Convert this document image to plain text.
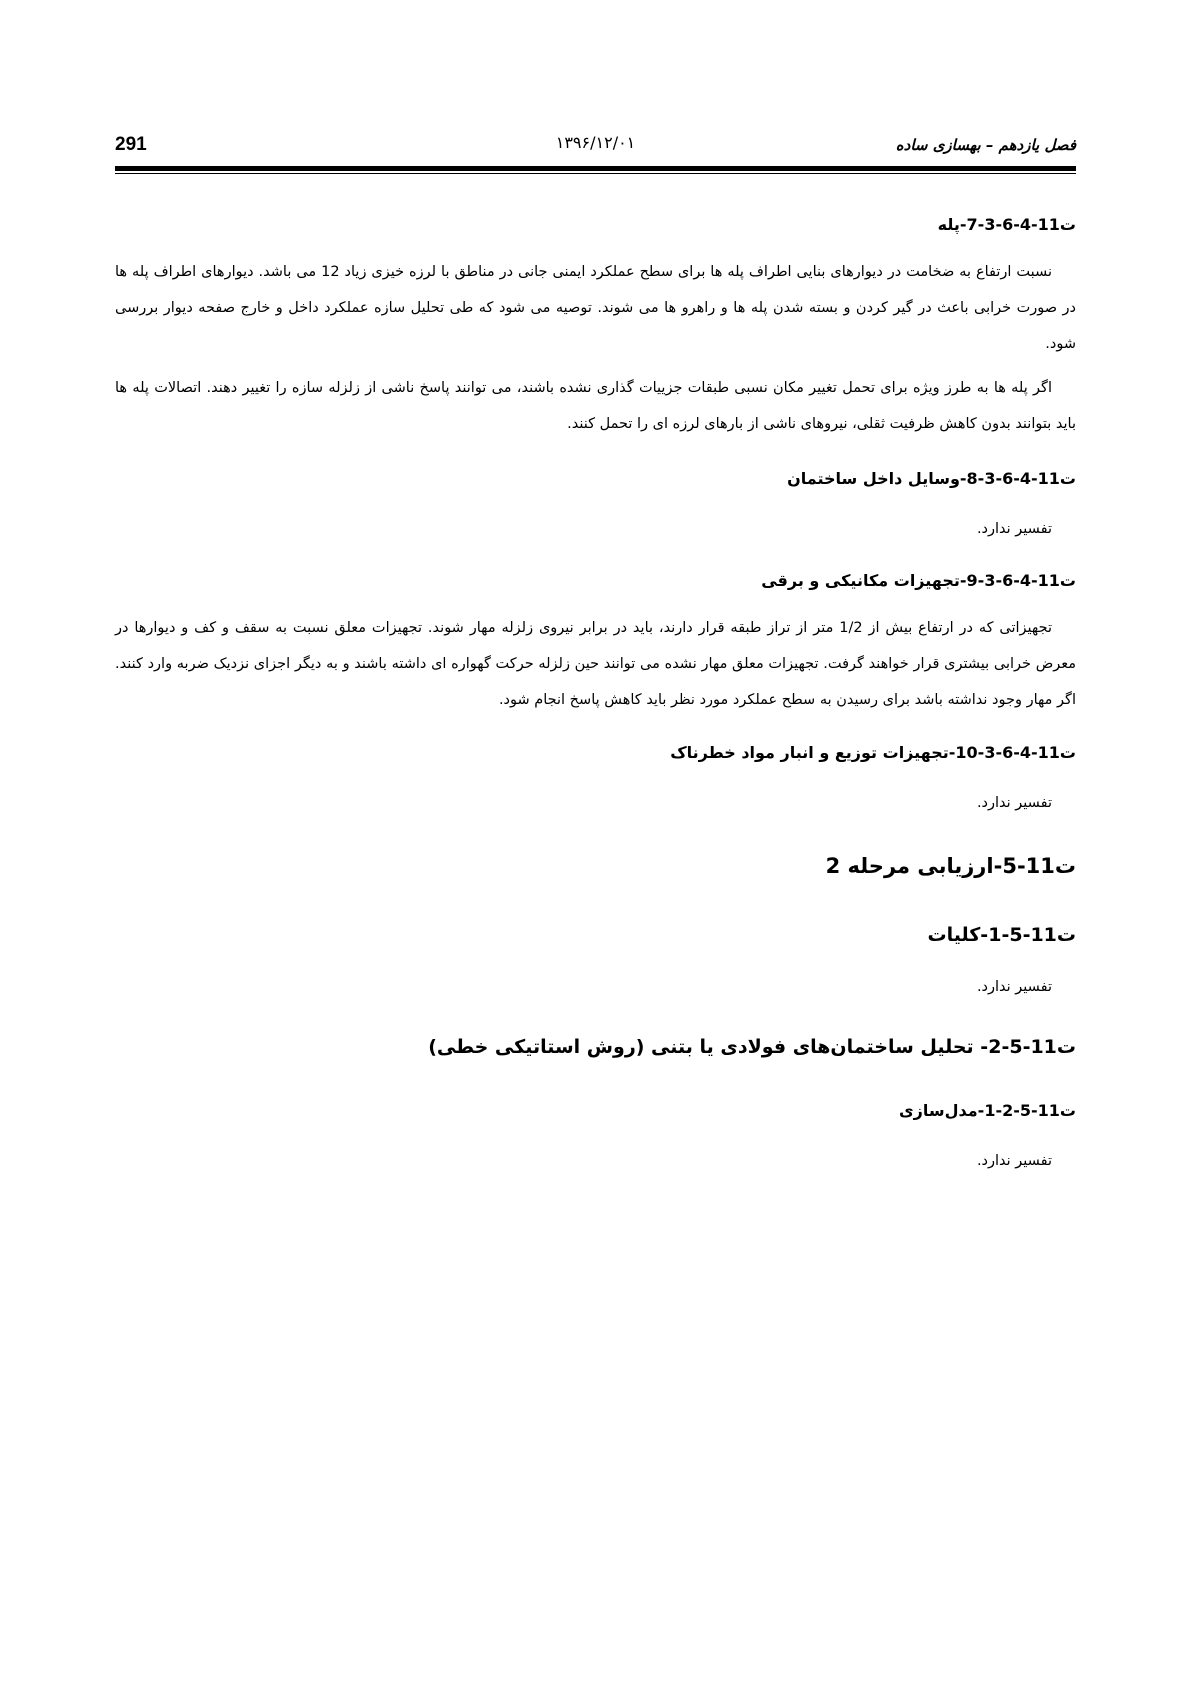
291	۱۳۹۶/۱۲/۰۱	فصل یازدهم – بهسازی ساده

ت11-4-6-3-7-پله

نسبت ارتفاع به ضخامت در دیوارهای بنایی اطراف پله ها برای سطح عملکرد ایمنی جانی در مناطق با لرزه خیزی زیاد 12 می باشد. دیوارهای اطراف پله ها در صورت خرابی باعث در گیر کردن و بسته شدن پله ها و راهرو ها می شوند. توصیه می شود که طی تحلیل سازه عملکرد داخل و خارج صفحه دیوار بررسی شود.

اگر پله ها به طرز ویژه برای تحمل تغییر مکان نسبی طبقات جزییات گذاری نشده باشند، می توانند پاسخ ناشی از زلزله سازه را تغییر دهند. اتصالات پله ها باید بتوانند بدون کاهش ظرفیت ثقلی، نیروهای ناشی از بارهای لرزه ای را تحمل کنند.

ت11-4-6-3-8-وسایل داخل ساختمان

تفسیر ندارد.

ت11-4-6-3-9-تجهیزات مکانیکی و برقی

تجهیزاتی که در ارتفاع بیش از 1/2 متر از تراز طبقه قرار دارند، باید در برابر نیروی زلزله مهار شوند. تجهیزات معلق نسبت به سقف و کف و دیوارها در معرض خرابی بیشتری قرار خواهند گرفت. تجهیزات معلق مهار نشده می توانند حین زلزله حرکت گهواره ای داشته باشند و به دیگر اجزای نزدیک ضربه وارد کنند. اگر مهار وجود نداشته باشد برای رسیدن به سطح عملکرد مورد نظر باید کاهش پاسخ انجام شود.

ت11-4-6-3-10-تجهیزات توزیع و انبار مواد خطرناک

تفسیر ندارد.

ت11-5-ارزیابی مرحله 2

ت11-5-1-کلیات

تفسیر ندارد.

ت11-5-2- تحلیل ساختمان‌های فولادی یا بتنی (روش استاتیکی خطی)

ت11-5-2-1-مدل‌سازی

تفسیر ندارد.
